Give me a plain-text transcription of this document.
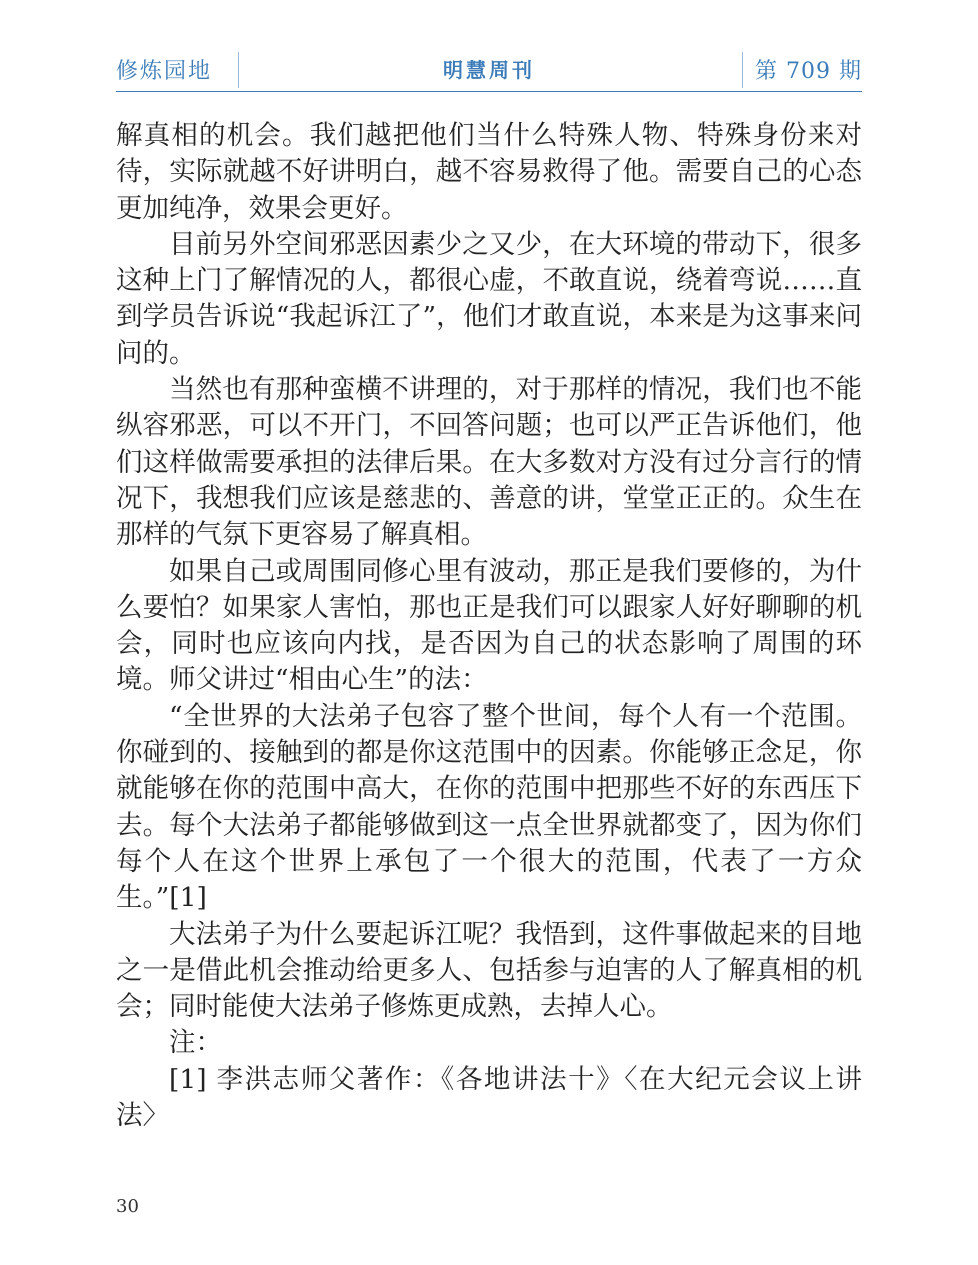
修炼园地	明慧周刊	第 709 期

解真相的机会。我们越把他们当什么特殊人物、特殊身份来对待，实际就越不好讲明白，越不容易救得了他。需要自己的心态更加纯净，效果会更好。

目前另外空间邪恶因素少之又少，在大环境的带动下，很多这种上门了解情况的人，都很心虚，不敢直说，绕着弯说……直到学员告诉说“我起诉江了”，他们才敢直说，本来是为这事来问问的。

当然也有那种蛮横不讲理的，对于那样的情况，我们也不能纵容邪恶，可以不开门，不回答问题；也可以严正告诉他们，他们这样做需要承担的法律后果。在大多数对方没有过分言行的情况下，我想我们应该是慈悲的、善意的讲，堂堂正正的。众生在那样的气氛下更容易了解真相。

如果自己或周围同修心里有波动，那正是我们要修的，为什么要怕？如果家人害怕，那也正是我们可以跟家人好好聊聊的机会，同时也应该向内找，是否因为自己的状态影响了周围的环境。师父讲过“相由心生”的法：

“全世界的大法弟子包容了整个世间，每个人有一个范围。你碰到的、接触到的都是你这范围中的因素。你能够正念足，你就能够在你的范围中高大，在你的范围中把那些不好的东西压下去。每个大法弟子都能够做到这一点全世界就都变了，因为你们每个人在这个世界上承包了一个很大的范围，代表了一方众生。”[1]

大法弟子为什么要起诉江呢？我悟到，这件事做起来的目地之一是借此机会推动给更多人、包括参与迫害的人了解真相的机会；同时能使大法弟子修炼更成熟，去掉人心。

注：

[1] 李洪志师父著作：《各地讲法十》〈在大纪元会议上讲法〉

30
